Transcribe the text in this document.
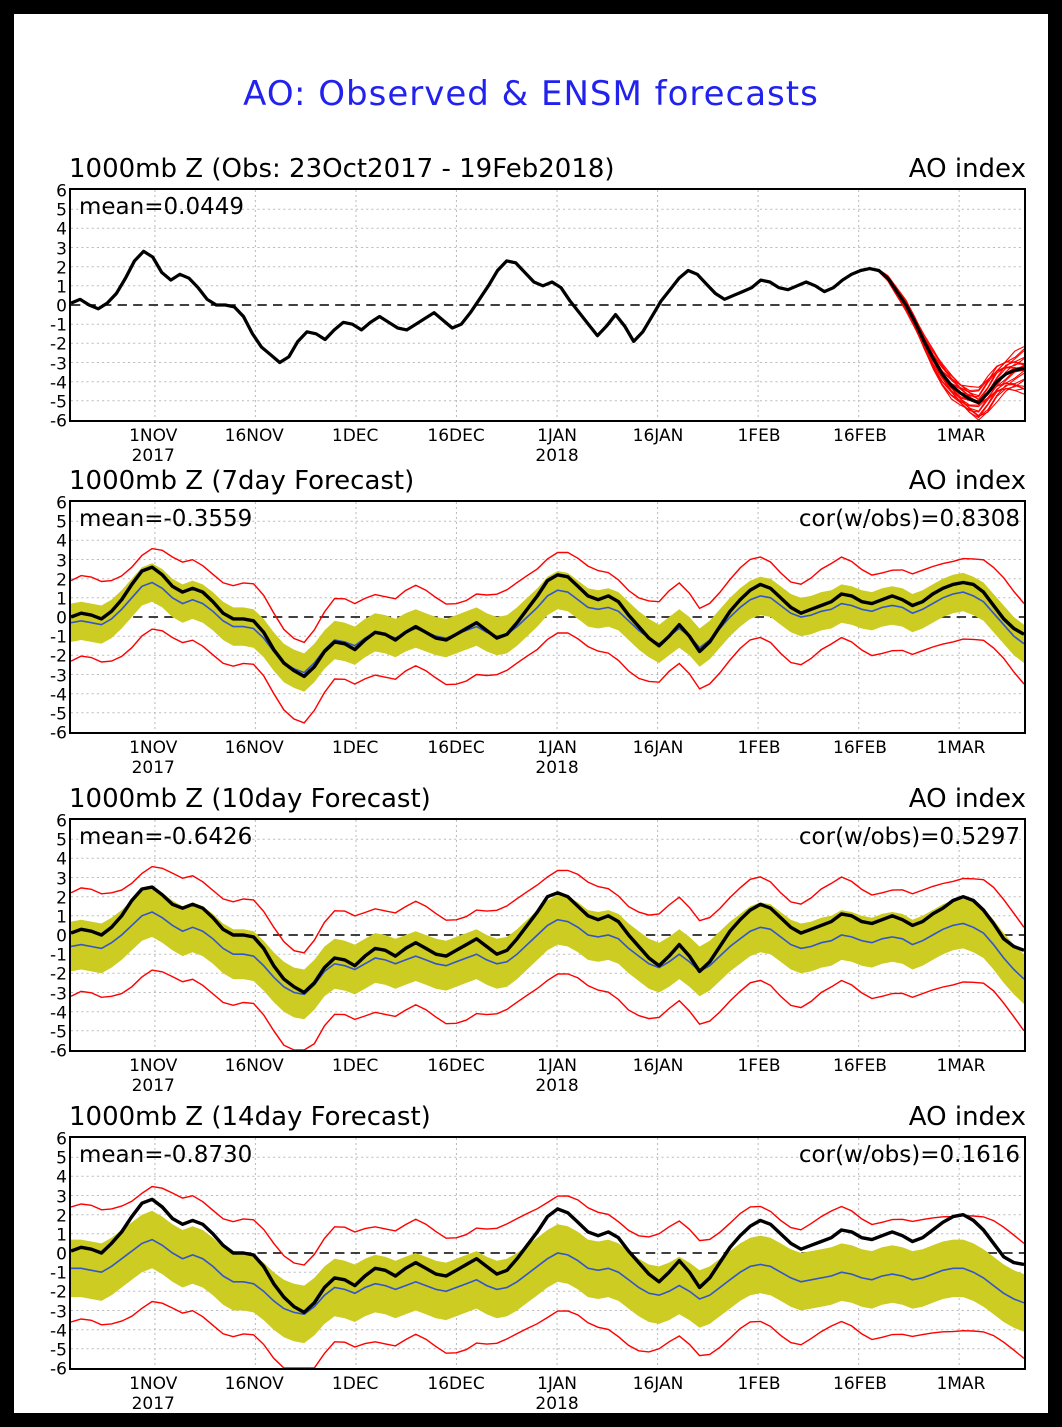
AO: Observed & ENSM forecasts
1000mb Z (Obs: 23Oct2017 - 19Feb2018)	AO index
6
5
4
3
2
1
0
-1
-2
-3
-4
-5
-6
mean=0.0449
1NOV

2017
16NOV	1DEC	16DEC	1JAN

2018
16JAN	1FEB	16FEB	1MAR
1000mb Z (7day Forecast)	AO index
6
5
4
3
2
1
0
-1
-2
-3
-4
-5
-6
mean=-0.3559	cor(w/obs)=0.8308
1NOV

2017
16NOV	1DEC	16DEC	1JAN

2018
16JAN	1FEB	16FEB	1MAR
1000mb Z (10day Forecast)	AO index
6
5
4
3
2
1
0
-1
-2
-3
-4
-5
-6
mean=-0.6426	cor(w/obs)=0.5297
1NOV

2017
16NOV	1DEC	16DEC	1JAN

2018
16JAN	1FEB	16FEB	1MAR
1000mb Z (14day Forecast)	AO index
6
5
4
3
2
1
0
-1
-2
-3
-4
-5
-6
mean=-0.8730	cor(w/obs)=0.1616
1NOV

2017
16NOV	1DEC	16DEC	1JAN

2018
16JAN	1FEB	16FEB	1MAR
